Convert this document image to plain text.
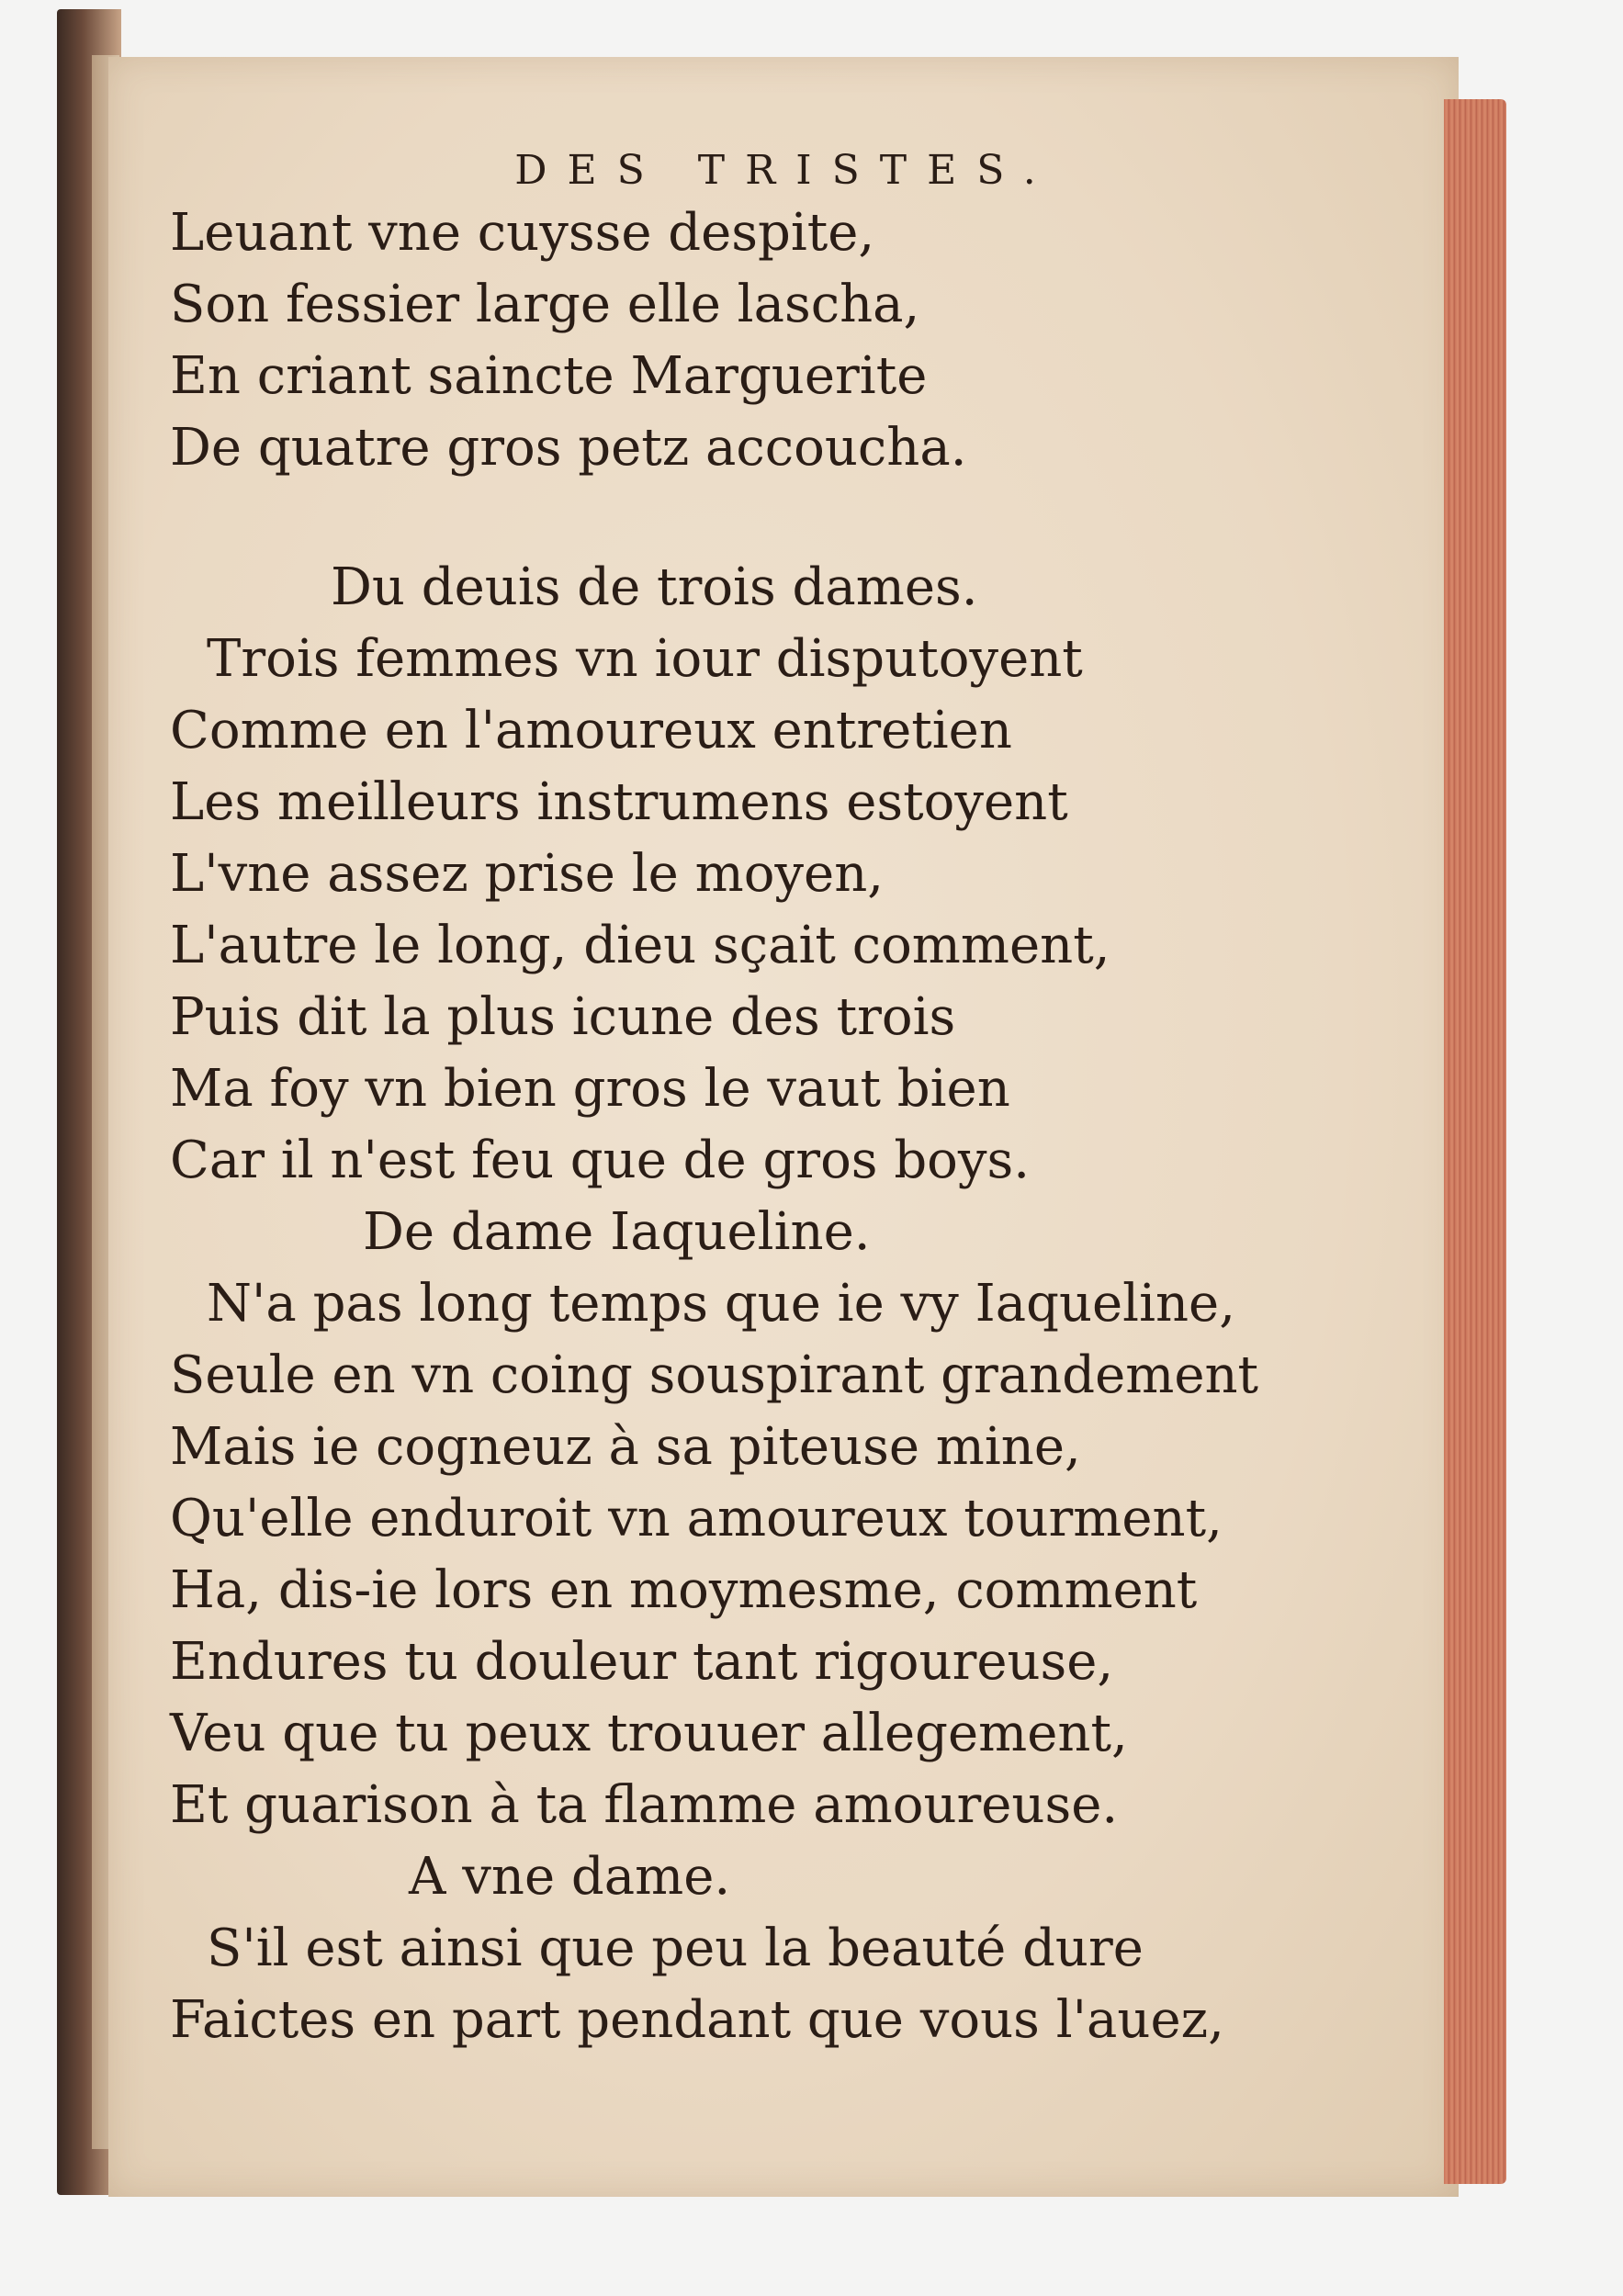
DES TRISTES.
Leuant vne cuysse despite,
Son fessier large elle lascha,
En criant saincte Marguerite
De quatre gros petz accoucha.
Du deuis de trois dames.
Trois femmes vn iour disputoyent
Comme en l'amoureux entretien
Les meilleurs instrumens estoyent
L'vne assez prise le moyen,
L'autre le long, dieu sçait comment,
Puis dit la plus icune des trois
Ma foy vn bien gros le vaut bien
Car il n'est feu que de gros boys.
De dame Iaqueline.
N'a pas long temps que ie vy Iaqueline,
Seule en vn coing souspirant grandement
Mais ie cogneuz à sa piteuse mine,
Qu'elle enduroit vn amoureux tourment,
Ha, dis-ie lors en moymesme, comment
Endures tu douleur tant rigoureuse,
Veu que tu peux trouuer allegement,
Et guarison à ta flamme amoureuse.
A vne dame.
S'il est ainsi que peu la beauté dure
Faictes en part pendant que vous l'auez,
